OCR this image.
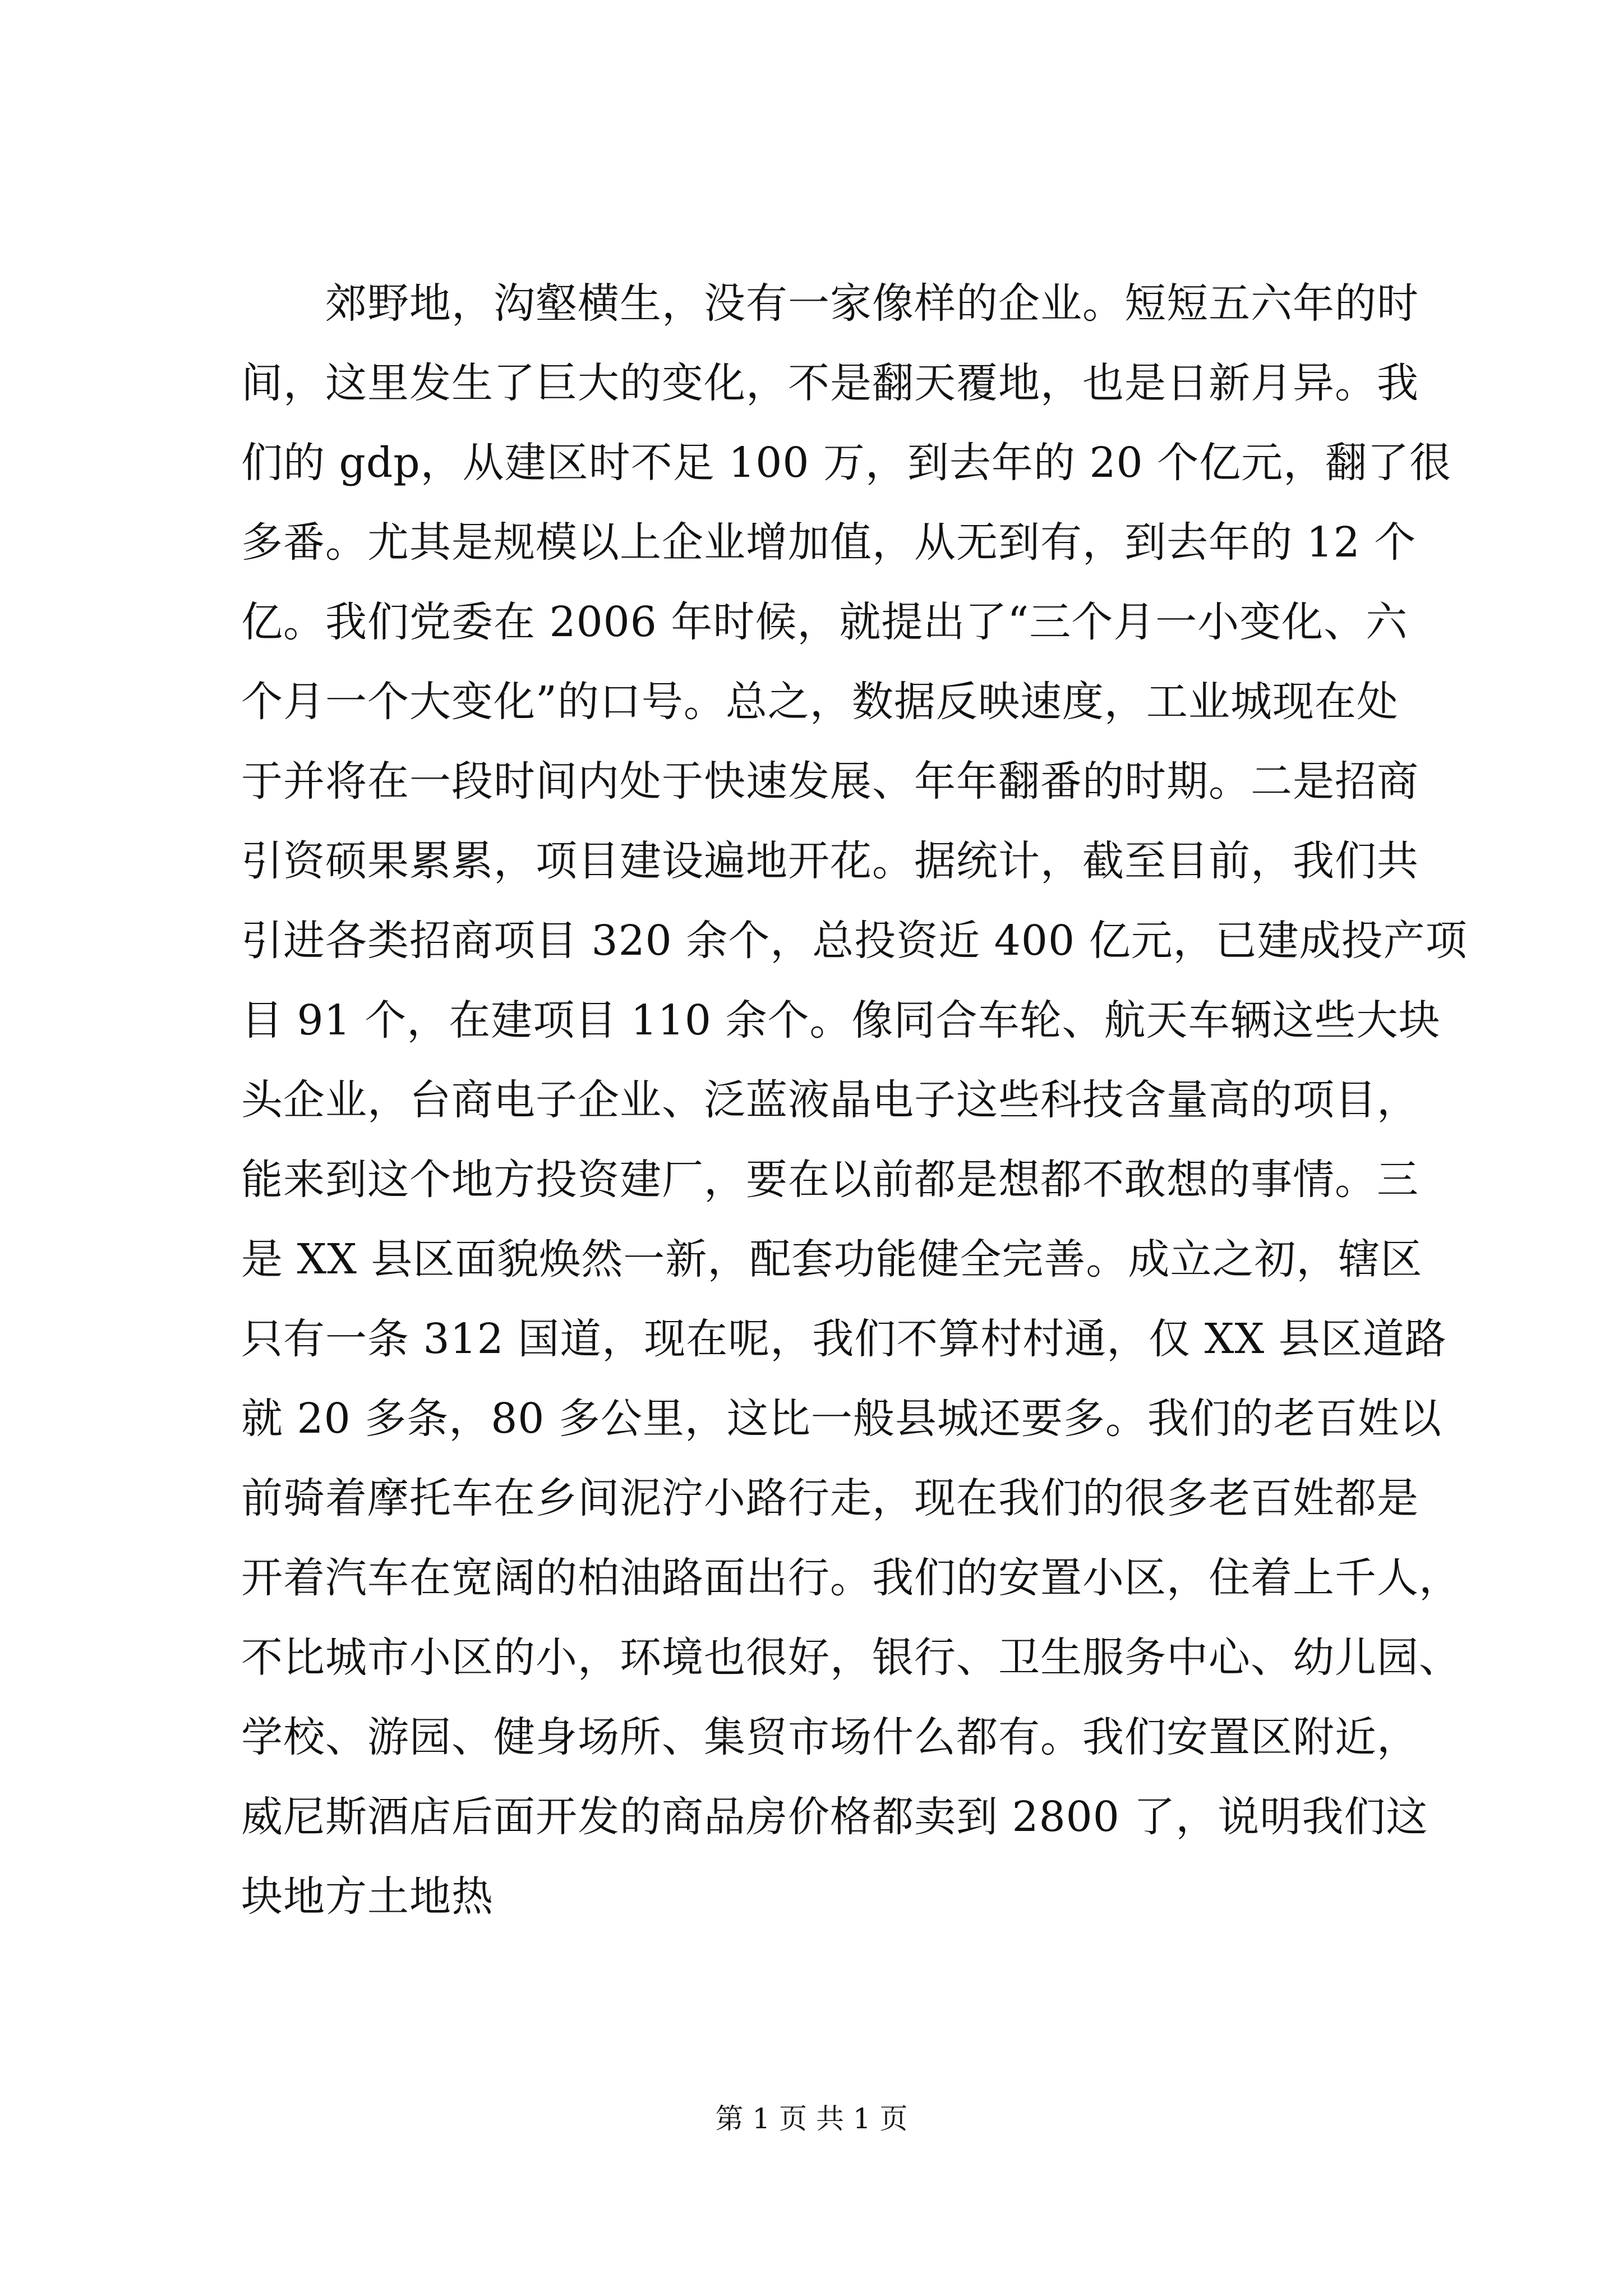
郊野地，沟壑横生，没有一家像样的企业。短短五六年的时
间，这里发生了巨大的变化，不是翻天覆地，也是日新月异。我
们的 gdp，从建区时不足 100 万，到去年的 20 个亿元，翻了很
多番。尤其是规模以上企业增加值，从无到有，到去年的 12 个
亿。我们党委在 2006 年时候，就提出了“三个月一小变化、六
个月一个大变化”的口号。总之，数据反映速度，工业城现在处
于并将在一段时间内处于快速发展、年年翻番的时期。二是招商
引资硕果累累，项目建设遍地开花。据统计，截至目前，我们共
引进各类招商项目 320 余个，总投资近 400 亿元，已建成投产项
目 91 个，在建项目 110 余个。像同合车轮、航天车辆这些大块
头企业，台商电子企业、泛蓝液晶电子这些科技含量高的项目，
能来到这个地方投资建厂，要在以前都是想都不敢想的事情。三
是 XX 县区面貌焕然一新，配套功能健全完善。成立之初，辖区
只有一条 312 国道，现在呢，我们不算村村通，仅 XX 县区道路
就 20 多条，80 多公里，这比一般县城还要多。我们的老百姓以
前骑着摩托车在乡间泥泞小路行走，现在我们的很多老百姓都是
开着汽车在宽阔的柏油路面出行。我们的安置小区，住着上千人，
不比城市小区的小，环境也很好，银行、卫生服务中心、幼儿园、
学校、游园、健身场所、集贸市场什么都有。我们安置区附近，
威尼斯酒店后面开发的商品房价格都卖到 2800 了，说明我们这
块地方土地热
第 1 页 共 1 页
